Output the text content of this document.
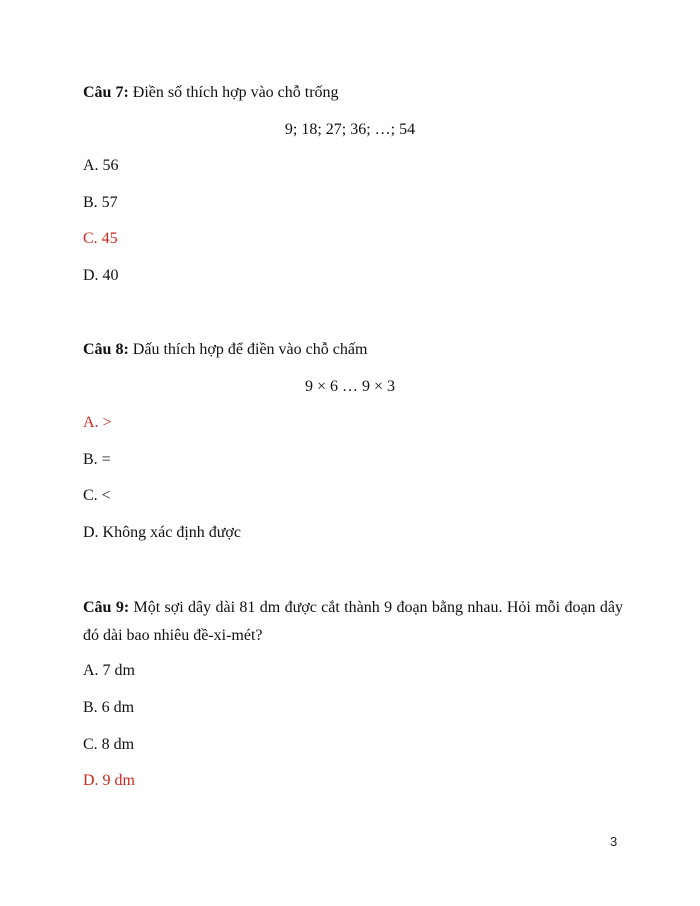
Câu 7: Điền số thích hợp vào chỗ trống
9; 18; 27; 36; …; 54
A. 56
B. 57
C. 45
D. 40
Câu 8: Dấu thích hợp để điền vào chỗ chấm
9 × 6 … 9 × 3
A. >
B. =
C. <
D. Không xác định được
Câu 9: Một sợi dây dài 81 dm được cắt thành 9 đoạn bằng nhau. Hỏi mỗi đoạn dây đó dài bao nhiêu đề-xi-mét?
A. 7 dm
B. 6 dm
C. 8 dm
D. 9 dm
3
